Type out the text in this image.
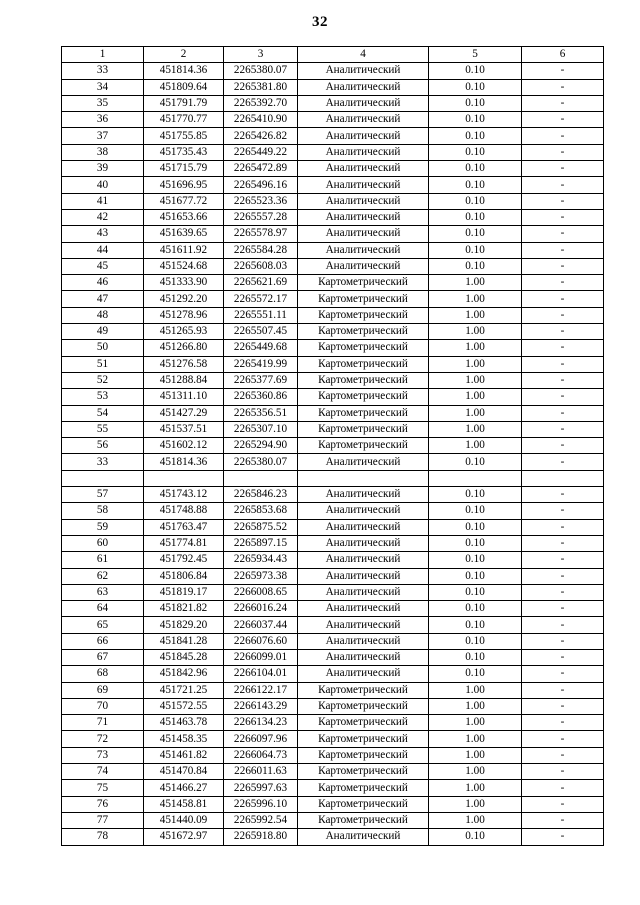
32
1	2	3	4	5	6
33	451814.36	2265380.07	Аналитический	0.10	-
34	451809.64	2265381.80	Аналитический	0.10	-
35	451791.79	2265392.70	Аналитический	0.10	-
36	451770.77	2265410.90	Аналитический	0.10	-
37	451755.85	2265426.82	Аналитический	0.10	-
38	451735.43	2265449.22	Аналитический	0.10	-
39	451715.79	2265472.89	Аналитический	0.10	-
40	451696.95	2265496.16	Аналитический	0.10	-
41	451677.72	2265523.36	Аналитический	0.10	-
42	451653.66	2265557.28	Аналитический	0.10	-
43	451639.65	2265578.97	Аналитический	0.10	-
44	451611.92	2265584.28	Аналитический	0.10	-
45	451524.68	2265608.03	Аналитический	0.10	-
46	451333.90	2265621.69	Картометрический	1.00	-
47	451292.20	2265572.17	Картометрический	1.00	-
48	451278.96	2265551.11	Картометрический	1.00	-
49	451265.93	2265507.45	Картометрический	1.00	-
50	451266.80	2265449.68	Картометрический	1.00	-
51	451276.58	2265419.99	Картометрический	1.00	-
52	451288.84	2265377.69	Картометрический	1.00	-
53	451311.10	2265360.86	Картометрический	1.00	-
54	451427.29	2265356.51	Картометрический	1.00	-
55	451537.51	2265307.10	Картометрический	1.00	-
56	451602.12	2265294.90	Картометрический	1.00	-
33	451814.36	2265380.07	Аналитический	0.10	-

57	451743.12	2265846.23	Аналитический	0.10	-
58	451748.88	2265853.68	Аналитический	0.10	-
59	451763.47	2265875.52	Аналитический	0.10	-
60	451774.81	2265897.15	Аналитический	0.10	-
61	451792.45	2265934.43	Аналитический	0.10	-
62	451806.84	2265973.38	Аналитический	0.10	-
63	451819.17	2266008.65	Аналитический	0.10	-
64	451821.82	2266016.24	Аналитический	0.10	-
65	451829.20	2266037.44	Аналитический	0.10	-
66	451841.28	2266076.60	Аналитический	0.10	-
67	451845.28	2266099.01	Аналитический	0.10	-
68	451842.96	2266104.01	Аналитический	0.10	-
69	451721.25	2266122.17	Картометрический	1.00	-
70	451572.55	2266143.29	Картометрический	1.00	-
71	451463.78	2266134.23	Картометрический	1.00	-
72	451458.35	2266097.96	Картометрический	1.00	-
73	451461.82	2266064.73	Картометрический	1.00	-
74	451470.84	2266011.63	Картометрический	1.00	-
75	451466.27	2265997.63	Картометрический	1.00	-
76	451458.81	2265996.10	Картометрический	1.00	-
77	451440.09	2265992.54	Картометрический	1.00	-
78	451672.97	2265918.80	Аналитический	0.10	-
